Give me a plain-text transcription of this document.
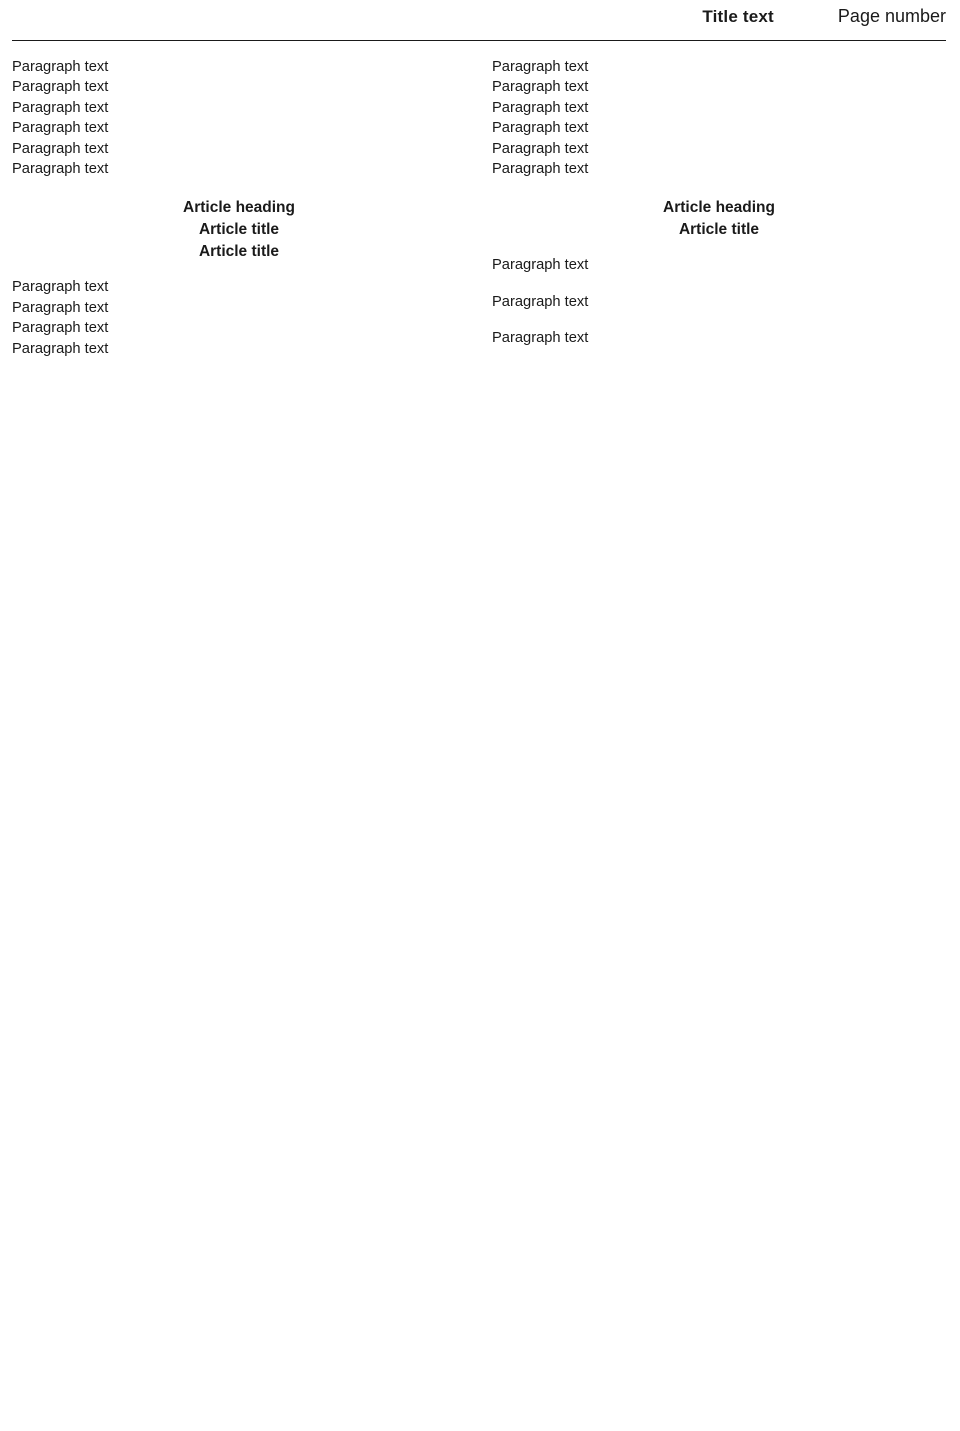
Title text	Page number

Paragraph text

Paragraph text

Paragraph text

Paragraph text

Paragraph text

Paragraph text

Article heading
Article title
Article title

Paragraph text

Paragraph text

Paragraph text

Paragraph text

Paragraph text

Paragraph text

Paragraph text

Paragraph text

Paragraph text

Paragraph text

Article heading
Article title

Paragraph text

Paragraph text

Paragraph text
